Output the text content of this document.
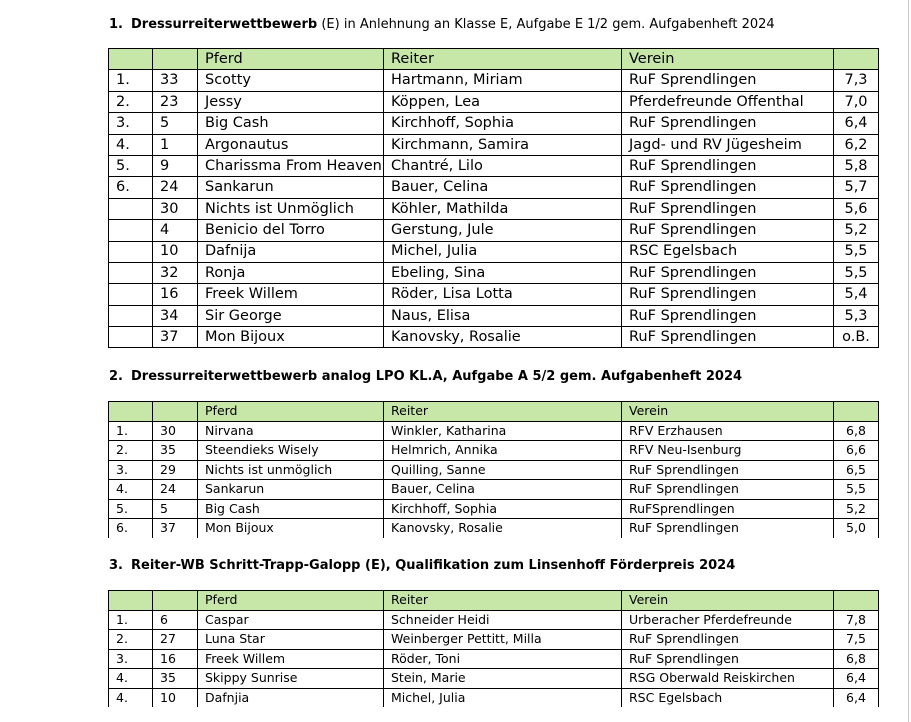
1. Dressurreiterwettbewerb (E) in Anlehnung an Klasse E, Aufgabe E 1/2 gem. Aufgabenheft 2024
		Pferd	Reiter	Verein	
1.	33	Scotty	Hartmann, Miriam	RuF Sprendlingen	7,3
2.	23	Jessy	Köppen, Lea	Pferdefreunde Offenthal	7,0
3.	5	Big Cash	Kirchhoff, Sophia	RuF Sprendlingen	6,4
4.	1	Argonautus	Kirchmann, Samira	Jagd- und RV Jügesheim	6,2
5.	9	Charissma From Heaven	Chantré, Lilo	RuF Sprendlingen	5,8
6.	24	Sankarun	Bauer, Celina	RuF Sprendlingen	5,7
	30	Nichts ist Unmöglich	Köhler, Mathilda	RuF Sprendlingen	5,6
	4	Benicio del Torro	Gerstung, Jule	RuF Sprendlingen	5,2
	10	Dafnija	Michel, Julia	RSC Egelsbach	5,5
	32	Ronja	Ebeling, Sina	RuF Sprendlingen	5,5
	16	Freek Willem	Röder, Lisa Lotta	RuF Sprendlingen	5,4
	34	Sir George	Naus, Elisa	RuF Sprendlingen	5,3
	37	Mon Bijoux	Kanovsky, Rosalie	RuF Sprendlingen	o.B.
2. Dressurreiterwettbewerb analog LPO KL.A, Aufgabe A 5/2 gem. Aufgabenheft 2024
		Pferd	Reiter	Verein	
1.	30	Nirvana	Winkler, Katharina	RFV Erzhausen	6,8
2.	35	Steendieks Wisely	Helmrich, Annika	RFV Neu-Isenburg	6,6
3.	29	Nichts ist unmöglich	Quilling, Sanne	RuF Sprendlingen	6,5
4.	24	Sankarun	Bauer, Celina	RuF Sprendlingen	5,5
5.	5	Big Cash	Kirchhoff, Sophia	RuFSprendlingen	5,2
6.	37	Mon Bijoux	Kanovsky, Rosalie	RuF Sprendlingen	5,0
3. Reiter-WB Schritt-Trapp-Galopp (E), Qualifikation zum Linsenhoff Förderpreis 2024
		Pferd	Reiter	Verein	
1.	6	Caspar	Schneider Heidi	Urberacher Pferdefreunde	7,8
2.	27	Luna Star	Weinberger Pettitt, Milla	RuF Sprendlingen	7,5
3.	16	Freek Willem	Röder, Toni	RuF Sprendlingen	6,8
4.	35	Skippy Sunrise	Stein, Marie	RSG Oberwald Reiskirchen	6,4
4.	10	Dafnjia	Michel, Julia	RSC Egelsbach	6,4
